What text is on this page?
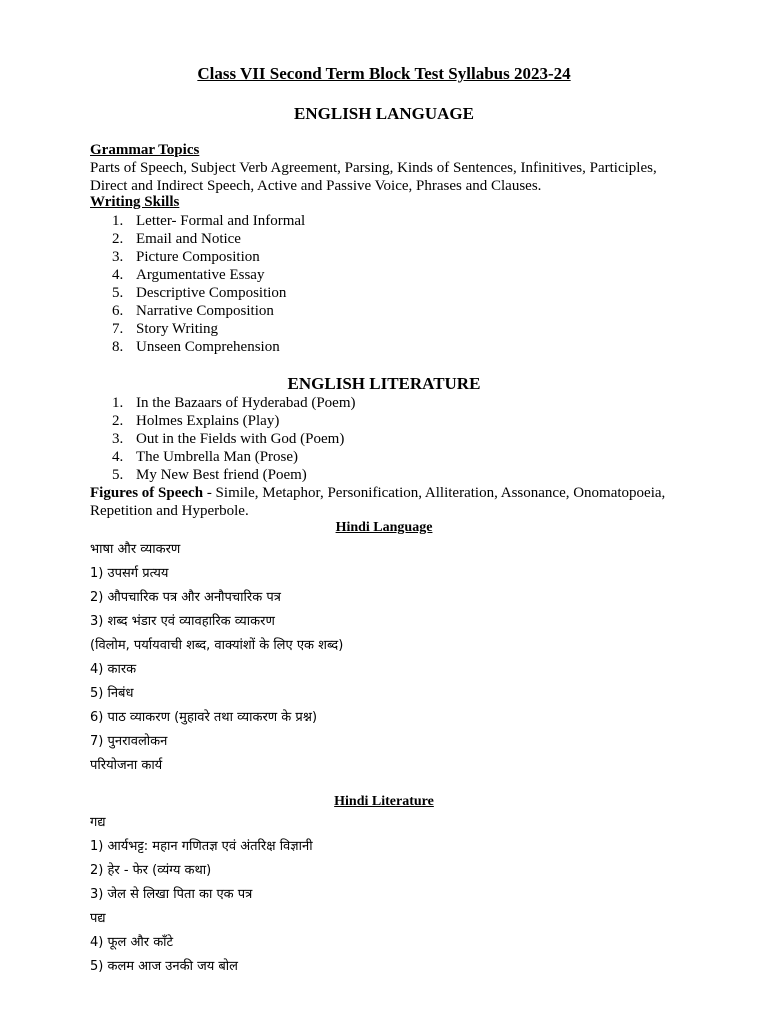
Class VII Second Term Block Test Syllabus 2023-24
ENGLISH LANGUAGE
Grammar Topics
Parts of Speech, Subject Verb Agreement, Parsing, Kinds of Sentences, Infinitives, Participles,
Direct and Indirect Speech, Active and Passive Voice, Phrases and Clauses.
Writing Skills
1. Letter- Formal and Informal
2. Email and Notice
3. Picture Composition
4. Argumentative Essay
5. Descriptive Composition
6. Narrative Composition
7. Story Writing
8. Unseen Comprehension
ENGLISH LITERATURE
1. In the Bazaars of Hyderabad (Poem)
2. Holmes Explains (Play)
3. Out in the Fields with God (Poem)
4. The Umbrella Man (Prose)
5. My New Best friend (Poem)
Figures of Speech - Simile, Metaphor, Personification, Alliteration, Assonance, Onomatopoeia,
Repetition and Hyperbole.
Hindi Language
भाषा और व्याकरण
1) उपसर्ग प्रत्यय
2) औपचारिक पत्र और अनौपचारिक पत्र
3) शब्द भंडार एवं व्यावहारिक व्याकरण
(विलोम, पर्यायवाची शब्द, वाक्यांशों के लिए एक शब्द)
4) कारक
5) निबंध
6) पाठ व्याकरण (मुहावरे तथा व्याकरण के प्रश्न)
7) पुनरावलोकन
परियोजना कार्य
Hindi Literature
गद्य
1) आर्यभट्ट: महान गणितज्ञ एवं अंतरिक्ष विज्ञानी
2) हेर - फेर (व्यंग्य कथा)
3) जेल से लिखा पिता का एक पत्र
पद्य
4) फूल और काँटे
5) कलम आज उनकी जय बोल
